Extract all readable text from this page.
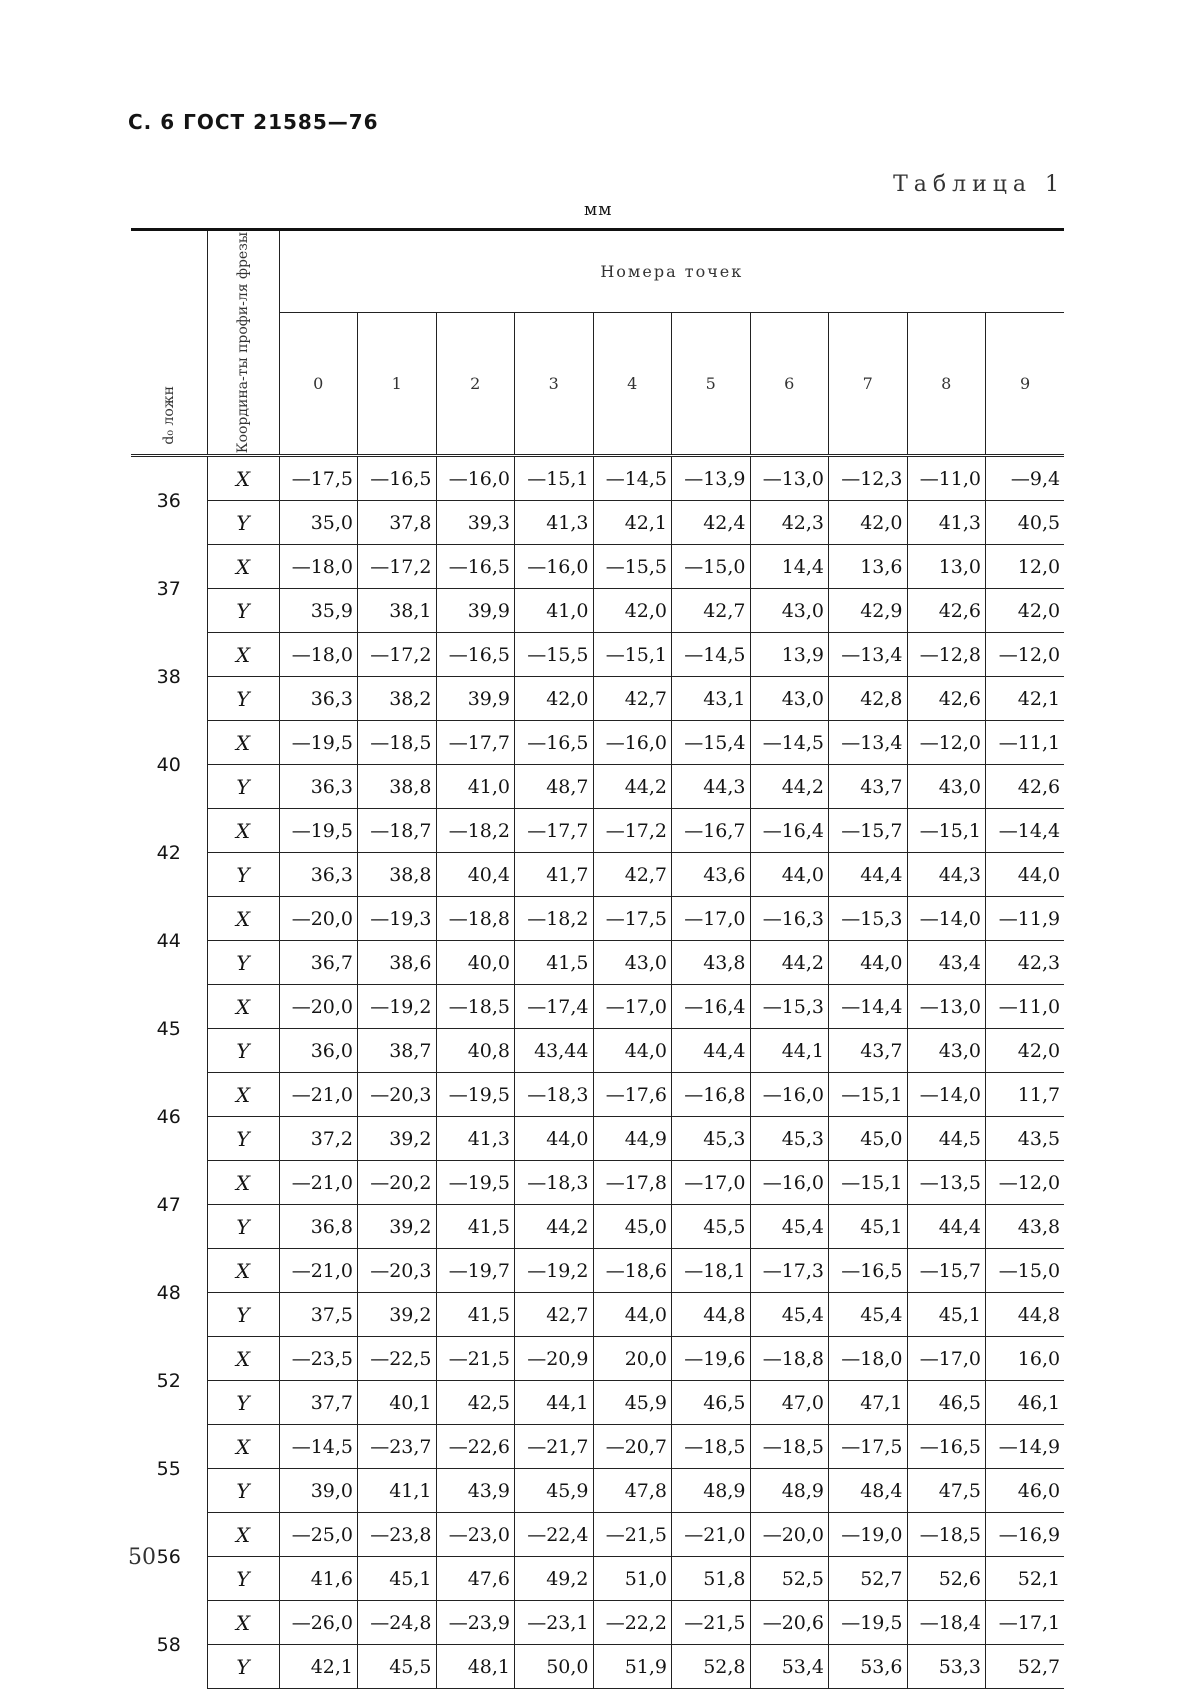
С. 6 ГОСТ 21585—76
Таблица 1
мм
d₀ ложн	Координа-ты профи-ля фрезы	Номера точек									
		0	1	2	3	4	5	6	7	8	9
36	X	—17,5	—16,5	—16,0	—15,1	—14,5	—13,9	—13,0	—12,3	—11,0	—9,4
	Y	35,0	37,8	39,3	41,3	42,1	42,4	42,3	42,0	41,3	40,5
37	X	—18,0	—17,2	—16,5	—16,0	—15,5	—15,0	14,4	13,6	13,0	12,0
	Y	35,9	38,1	39,9	41,0	42,0	42,7	43,0	42,9	42,6	42,0
38	X	—18,0	—17,2	—16,5	—15,5	—15,1	—14,5	13,9	—13,4	—12,8	—12,0
	Y	36,3	38,2	39,9	42,0	42,7	43,1	43,0	42,8	42,6	42,1
40	X	—19,5	—18,5	—17,7	—16,5	—16,0	—15,4	—14,5	—13,4	—12,0	—11,1
	Y	36,3	38,8	41,0	48,7	44,2	44,3	44,2	43,7	43,0	42,6
42	X	—19,5	—18,7	—18,2	—17,7	—17,2	—16,7	—16,4	—15,7	—15,1	—14,4
	Y	36,3	38,8	40,4	41,7	42,7	43,6	44,0	44,4	44,3	44,0
44	X	—20,0	—19,3	—18,8	—18,2	—17,5	—17,0	—16,3	—15,3	—14,0	—11,9
	Y	36,7	38,6	40,0	41,5	43,0	43,8	44,2	44,0	43,4	42,3
45	X	—20,0	—19,2	—18,5	—17,4	—17,0	—16,4	—15,3	—14,4	—13,0	—11,0
	Y	36,0	38,7	40,8	43,44	44,0	44,4	44,1	43,7	43,0	42,0
46	X	—21,0	—20,3	—19,5	—18,3	—17,6	—16,8	—16,0	—15,1	—14,0	11,7
	Y	37,2	39,2	41,3	44,0	44,9	45,3	45,3	45,0	44,5	43,5
47	X	—21,0	—20,2	—19,5	—18,3	—17,8	—17,0	—16,0	—15,1	—13,5	—12,0
	Y	36,8	39,2	41,5	44,2	45,0	45,5	45,4	45,1	44,4	43,8
48	X	—21,0	—20,3	—19,7	—19,2	—18,6	—18,1	—17,3	—16,5	—15,7	—15,0
	Y	37,5	39,2	41,5	42,7	44,0	44,8	45,4	45,4	45,1	44,8
52	X	—23,5	—22,5	—21,5	—20,9	20,0	—19,6	—18,8	—18,0	—17,0	16,0
	Y	37,7	40,1	42,5	44,1	45,9	46,5	47,0	47,1	46,5	46,1
55	X	—14,5	—23,7	—22,6	—21,7	—20,7	—18,5	—18,5	—17,5	—16,5	—14,9
	Y	39,0	41,1	43,9	45,9	47,8	48,9	48,9	48,4	47,5	46,0
56	X	—25,0	—23,8	—23,0	—22,4	—21,5	—21,0	—20,0	—19,0	—18,5	—16,9
	Y	41,6	45,1	47,6	49,2	51,0	51,8	52,5	52,7	52,6	52,1
58	X	—26,0	—24,8	—23,9	—23,1	—22,2	—21,5	—20,6	—19,5	—18,4	—17,1
	Y	42,1	45,5	48,1	50,0	51,9	52,8	53,4	53,6	53,3	52,7
50
